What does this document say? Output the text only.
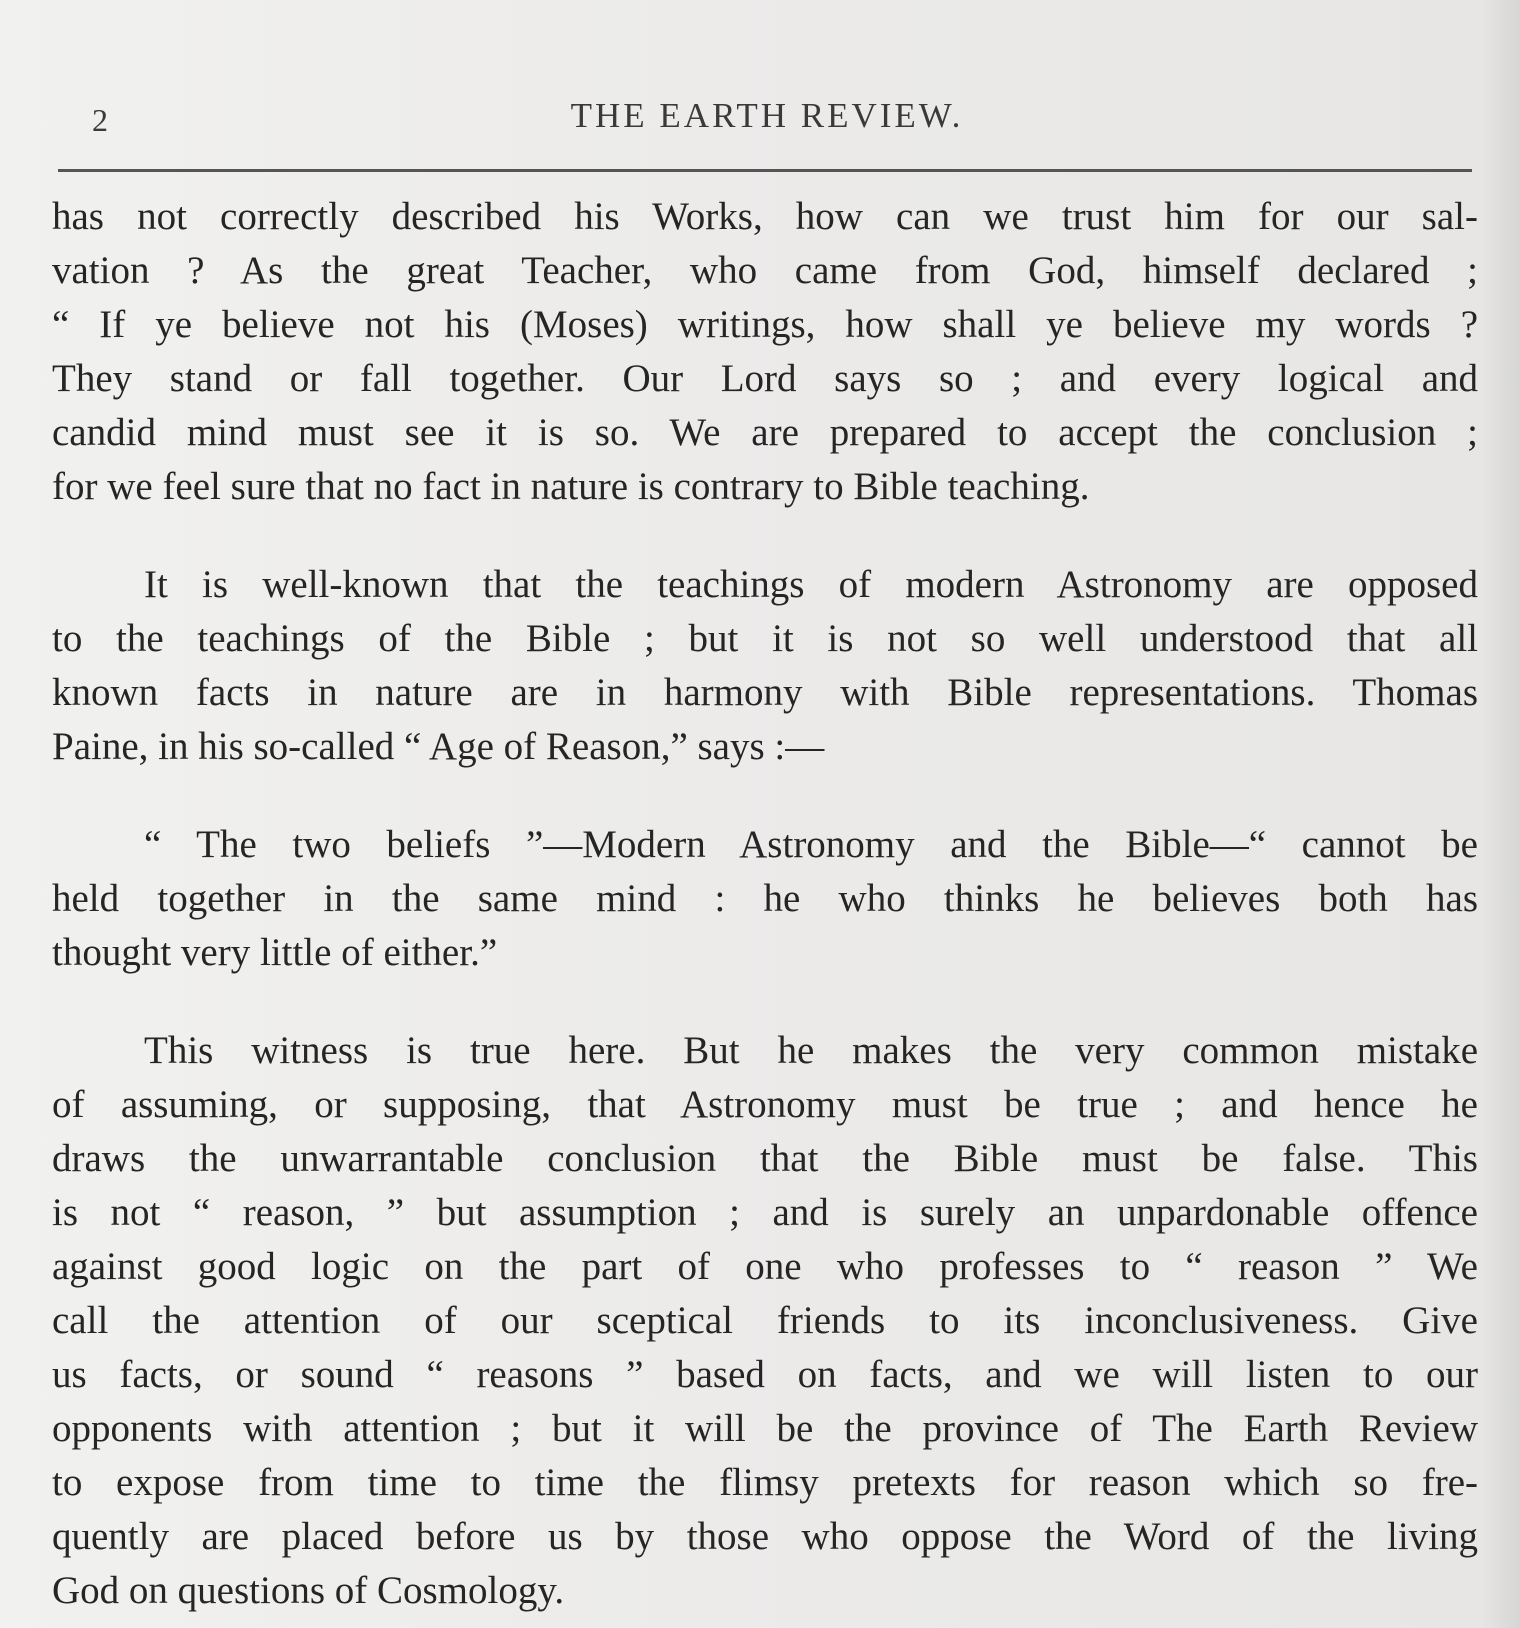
2	THE EARTH REVIEW.
has not correctly described his Works, how can we trust him for our sal-
vation ? As the great Teacher, who came from God, himself declared ;
“ If ye believe not his (Moses) writings, how shall ye believe my words ?
They stand or fall together. Our Lord says so ; and every logical and
candid mind must see it is so. We are prepared to accept the conclusion ;
for we feel sure that no fact in nature is contrary to Bible teaching.
It is well-known that the teachings of modern Astronomy are opposed
to the teachings of the Bible ; but it is not so well understood that all
known facts in nature are in harmony with Bible representations. Thomas
Paine, in his so-called “ Age of Reason,” says :—
“ The two beliefs ”—Modern Astronomy and the Bible—“ cannot be
held together in the same mind : he who thinks he believes both has
thought very little of either.”
This witness is true here. But he makes the very common mistake
of assuming, or supposing, that Astronomy must be true ; and hence he
draws the unwarrantable conclusion that the Bible must be false. This
is not “ reason, ” but assumption ; and is surely an unpardonable offence
against good logic on the part of one who professes to “ reason ” We
call the attention of our sceptical friends to its inconclusiveness. Give
us facts, or sound “ reasons ” based on facts, and we will listen to our
opponents with attention ; but it will be the province of The Earth Review
to expose from time to time the flimsy pretexts for reason which so fre-
quently are placed before us by those who oppose the Word of the living
God on questions of Cosmology.
